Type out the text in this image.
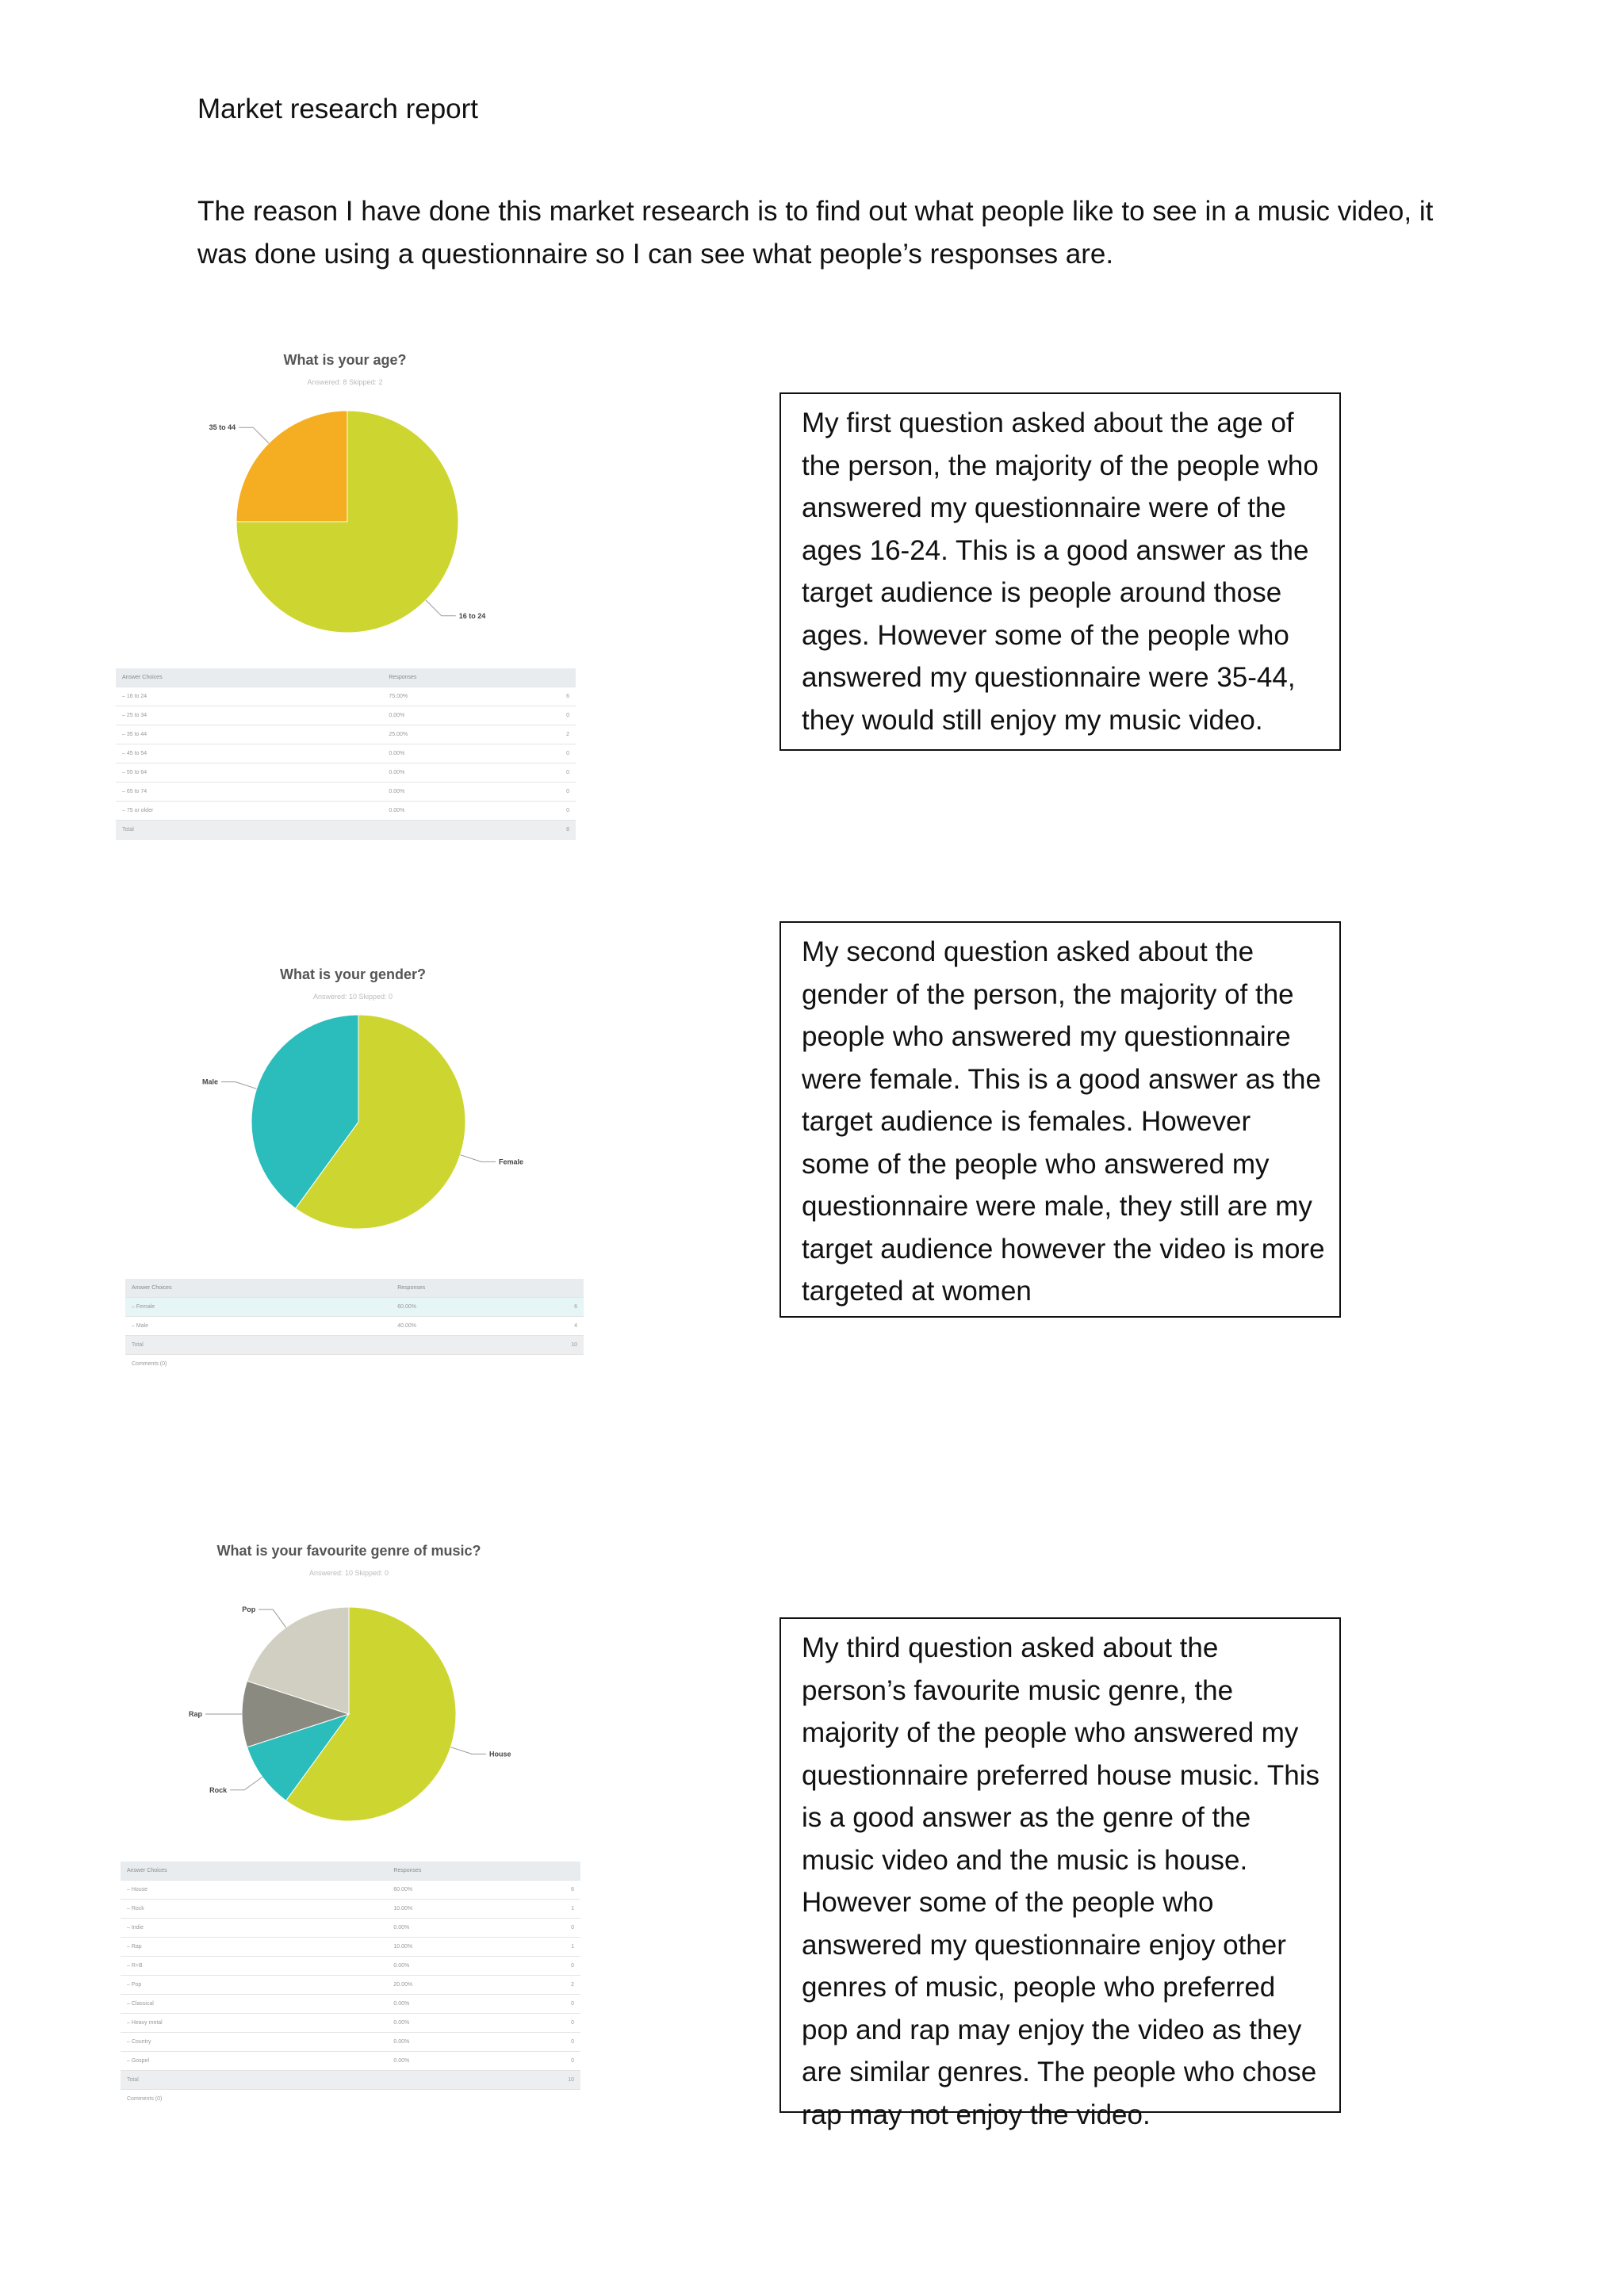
Market research report
The reason I have done this market research is to find out what people like to see in a music video, it was done using a questionnaire so I can see what people’s responses are.
What is your age?
Answered: 8 Skipped: 2
16 to 24
35 to 44
Answer Choices	Responses	
– 16 to 24	75.00%	6
– 25 to 34	0.00%	0
– 35 to 44	25.00%	2
– 45 to 54	0.00%	0
– 55 to 64	0.00%	0
– 65 to 74	0.00%	0
– 75 or older	0.00%	0
Total		8
My first question asked about the age of the person, the majority of the people who answered my questionnaire were of the ages 16-24. This is a good answer as the target audience is people around those ages. However some of the people who answered my questionnaire were 35-44, they would still enjoy my music video.
What is your gender?
Answered: 10 Skipped: 0
Female
Male
Answer Choices	Responses	
– Female	60.00%	6
– Male	40.00%	4
Total		10
Comments (0)		
My second question asked about the gender of the person, the majority of the people who answered my questionnaire were female. This is a good answer as the target audience is females. However some of the people who answered my questionnaire were male, they still are my target audience however the video is more targeted at women
What is your favourite genre of music?
Answered: 10 Skipped: 0
House
Rock
Rap
Pop
Answer Choices	Responses	
– House	60.00%	6
– Rock	10.00%	1
– Indie	0.00%	0
– Rap	10.00%	1
– R+B	0.00%	0
– Pop	20.00%	2
– Classical	0.00%	0
– Heavy metal	0.00%	0
– Country	0.00%	0
– Gospel	0.00%	0
Total		10
Comments (0)		
My third question asked about the person’s favourite music genre, the majority of the people who answered my questionnaire preferred house music. This is a good answer as the genre of the music video and the music is house. However some of the people who answered my questionnaire enjoy other genres of music, people who preferred pop and rap may enjoy the video as they are similar genres. The people who chose rap may not enjoy the video.
